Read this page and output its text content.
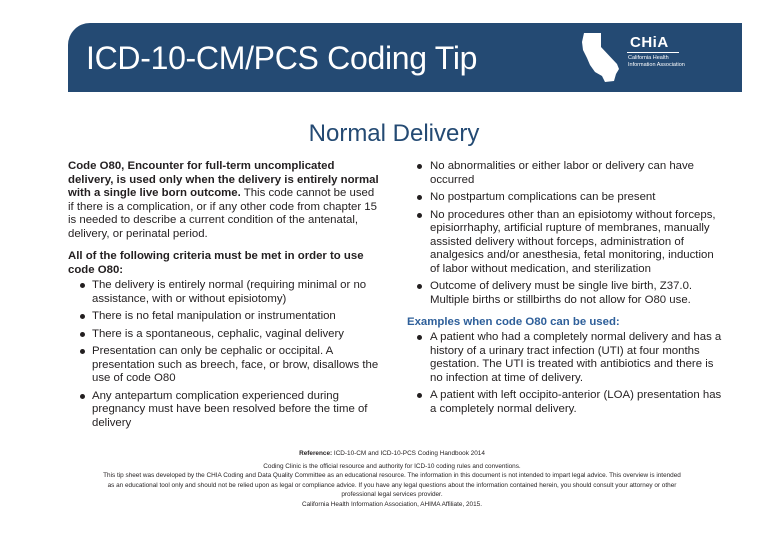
ICD-10-CM/PCS Coding Tip	CHiA
California Health Information Association
Normal Delivery

Code O80, Encounter for full-term uncomplicated delivery, is used only when the delivery is entirely normal with a single live born outcome. This code cannot be used if there is a complication, or if any other code from chapter 15 is needed to describe a current condition of the antenatal, delivery, or perinatal period.

All of the following criteria must be met in order to use code O80:

The delivery is entirely normal (requiring minimal or no assistance, with or without episiotomy)
There is no fetal manipulation or instrumentation
There is a spontaneous, cephalic, vaginal delivery
Presentation can only be cephalic or occipital. A presentation such as breech, face, or brow, disallows the use of code O80
Any antepartum complication experienced during pregnancy must have been resolved before the time of delivery
No abnormalities or either labor or delivery can have occurred
No postpartum complications can be present
No procedures other than an episiotomy without forceps, episiorrhaphy, artificial rupture of membranes, manually assisted delivery without forceps, administration of analgesics and/or anesthesia, fetal monitoring, induction of labor without medication, and sterilization
Outcome of delivery must be single live birth, Z37.0. Multiple births or stillbirths do not allow for O80 use.

Examples when code O80 can be used:

A patient who had a completely normal delivery and has a history of a urinary tract infection (UTI) at four months gestation. The UTI is treated with antibiotics and there is no infection at time of delivery.
A patient with left occipito-anterior (LOA) presentation has a completely normal delivery.

Reference: ICD-10-CM and ICD-10-PCS Coding Handbook 2014

Coding Clinic is the official resource and authority for ICD-10 coding rules and conventions.

This tip sheet was developed by the CHIA Coding and Data Quality Committee as an educational resource. The information in this document is not intended to impart legal advice. This overview is intended as an educational tool only and should not be relied upon as legal or compliance advice. If you have any legal questions about the information contained herein, you should consult your attorney or other professional legal services provider.

California Health Information Association, AHIMA Affiliate, 2015.
